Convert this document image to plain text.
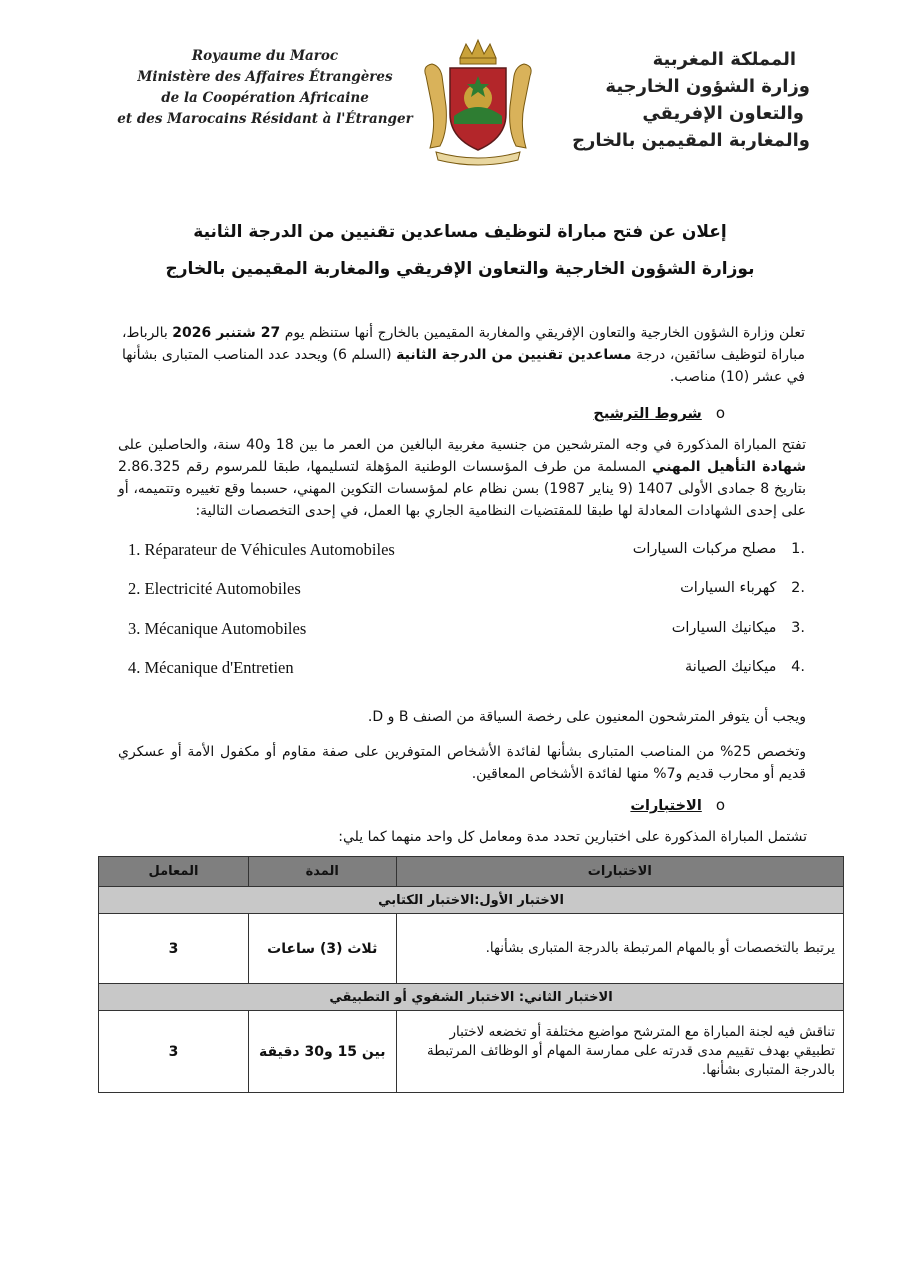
Royaume du Maroc
Ministère des Affaires Étrangères
de la Coopération Africaine
et des Marocains Résidant à l'Étranger
المملكة المغربية
وزارة الشؤون الخارجية
والتعاون الإفريقي
والمغاربة المقيمين بالخارج
إعلان عن فتح مباراة لتوظيف مساعدين تقنيين من الدرجة الثانية
بوزارة الشؤون الخارجية والتعاون الإفريقي والمغاربة المقيمين بالخارج
تعلن وزارة الشؤون الخارجية والتعاون الإفريقي والمغاربة المقيمين بالخارج أنها ستنظم يوم 27 شتنبر 2026 بالرباط، مباراة لتوظيف سائقين، درجة مساعدين تقنيين من الدرجة الثانية (السلم 6) ويحدد عدد المناصب المتبارى بشأنها في عشر (10) مناصب.
oشروط الترشيح
تفتح المباراة المذكورة في وجه المترشحين من جنسية مغربية البالغين من العمر ما بين 18 و40 سنة، والحاصلين على شهادة التأهيل المهني المسلمة من طرف المؤسسات الوطنية المؤهلة لتسليمها، طبقا للمرسوم رقم 2.86.325 بتاريخ 8 جمادى الأولى 1407 (9 يناير 1987) بسن نظام عام لمؤسسات التكوين المهني، حسبما وقع تغييره وتتميمه، أو على إحدى الشهادات المعادلة لها طبقا للمقتضيات النظامية الجاري بها العمل، في إحدى التخصصات التالية:
.1 مصلح مركبات السيارات
1. Réparateur de Véhicules Automobiles
.2 كهرباء السيارات
2. Electricité Automobiles
.3 ميكانيك السيارات
3. Mécanique Automobiles
.4 ميكانيك الصيانة
4. Mécanique d'Entretien
ويجب أن يتوفر المترشحون المعنيون على رخصة السياقة من الصنف B و D.
وتخصص 25% من المناصب المتبارى بشأنها لفائدة الأشخاص المتوفرين على صفة مقاوم أو مكفول الأمة أو عسكري قديم أو محارب قديم و7% منها لفائدة الأشخاص المعاقين.
oالاختبارات
تشتمل المباراة المذكورة على اختبارين تحدد مدة ومعامل كل واحد منهما كما يلي:
الاختبارات	المدة	المعامل
الاختبار الأول:الاختبار الكتابي		
يرتبط بالتخصصات أو بالمهام المرتبطة بالدرجة المتبارى بشأنها.	ثلاث (3) ساعات	3
الاختبار الثاني: الاختبار الشفوي أو التطبيقي		
تناقش فيه لجنة المباراة مع المترشح مواضيع مختلفة أو تخضعه لاختبار تطبيقي بهدف تقييم مدى قدرته على ممارسة المهام أو الوظائف المرتبطة بالدرجة المتبارى بشأنها.	بين 15 و30 دقيقة	3
